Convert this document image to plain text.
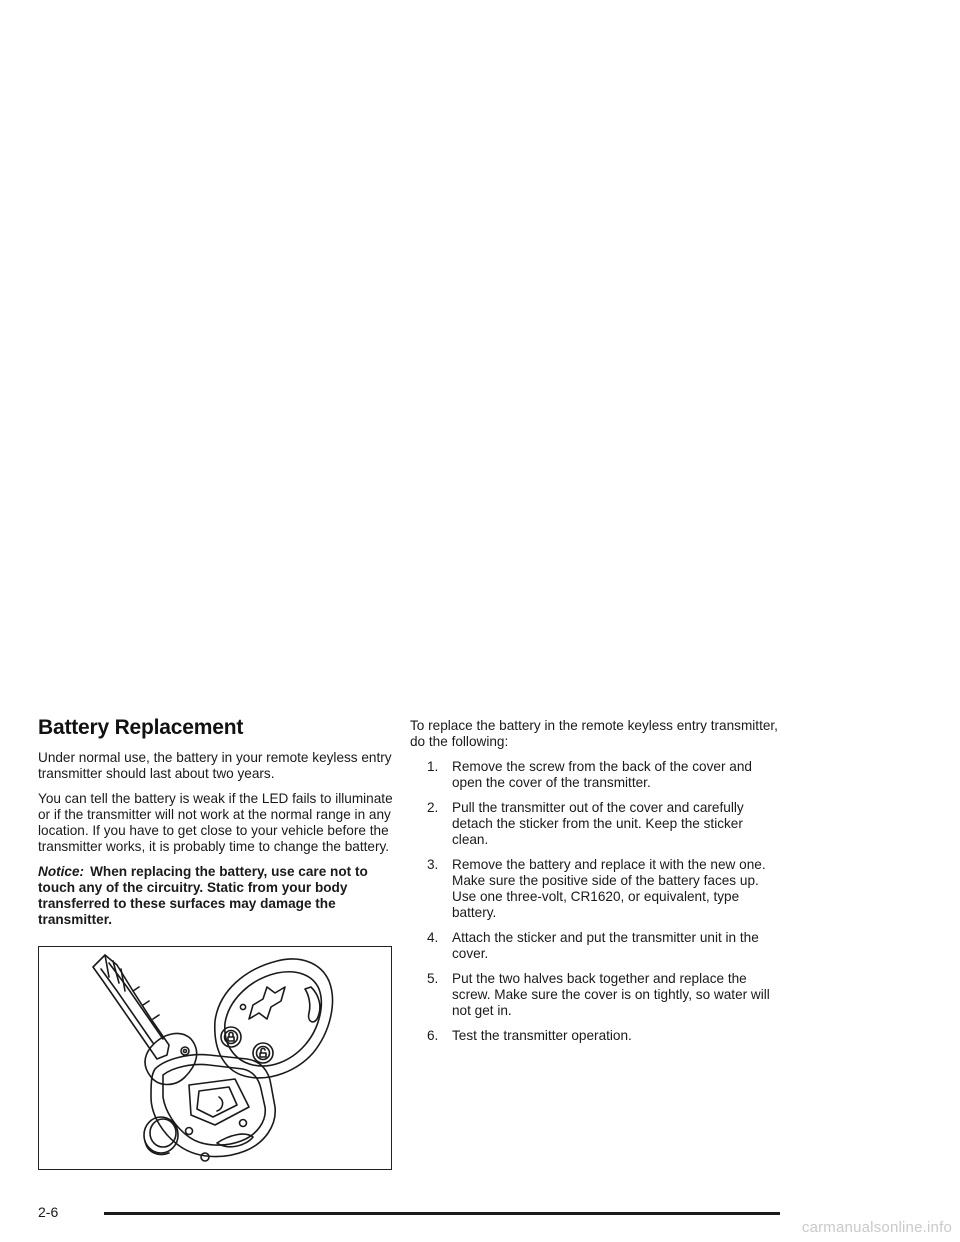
Battery Replacement

Under normal use, the battery in your remote keyless entry transmitter should last about two years.

You can tell the battery is weak if the LED fails to illuminate or if the transmitter will not work at the normal range in any location. If you have to get close to your vehicle before the transmitter works, it is probably time to change the battery.

Notice: When replacing the battery, use care not to touch any of the circuitry. Static from your body transferred to these surfaces may damage the transmitter.

To replace the battery in the remote keyless entry transmitter, do the following:

1. Remove the screw from the back of the cover and open the cover of the transmitter.
2. Pull the transmitter out of the cover and carefully detach the sticker from the unit. Keep the sticker clean.
3. Remove the battery and replace it with the new one. Make sure the positive side of the battery faces up. Use one three-volt, CR1620, or equivalent, type battery.
4. Attach the sticker and put the transmitter unit in the cover.
5. Put the two halves back together and replace the screw. Make sure the cover is on tightly, so water will not get in.
6. Test the transmitter operation.
2-6
carmanualsonline.info
